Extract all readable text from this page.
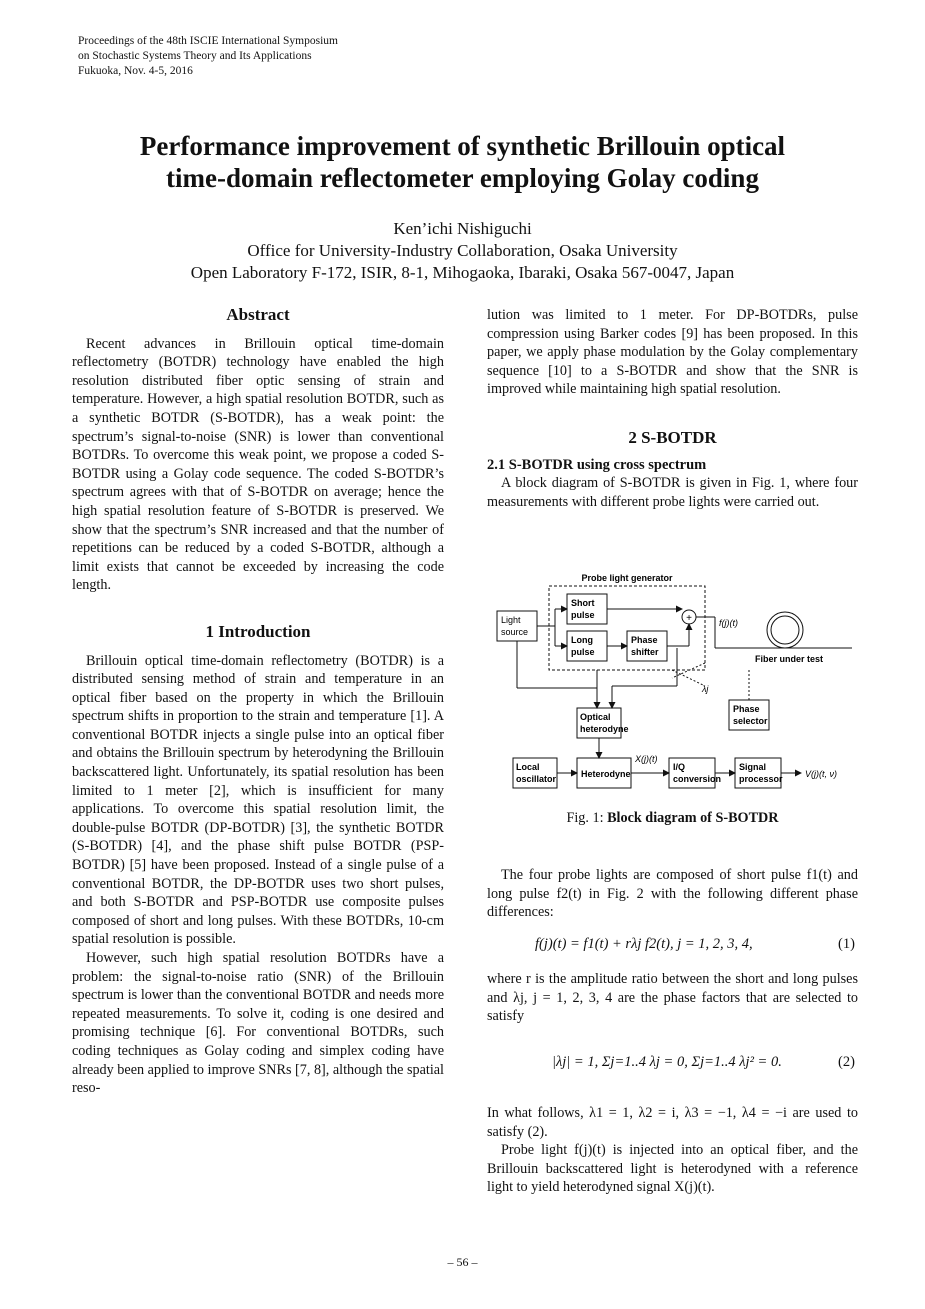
Proceedings of the 48th ISCIE International Symposium
on Stochastic Systems Theory and Its Applications
Fukuoka, Nov. 4-5, 2016
Performance improvement of synthetic Brillouin optical
time-domain reflectometer employing Golay coding
Ken’ichi Nishiguchi
Office for University-Industry Collaboration, Osaka University
Open Laboratory F-172, ISIR, 8-1, Mihogaoka, Ibaraki, Osaka 567-0047, Japan

Abstract

Recent advances in Brillouin optical time-domain reflectometry (BOTDR) technology have enabled the high resolution distributed fiber optic sensing of strain and temperature. However, a high spatial resolution BOTDR, such as a synthetic BOTDR (S-BOTDR), has a weak point: the spectrum’s signal-to-noise (SNR) is lower than conventional BOTDRs. To overcome this weak point, we propose a coded S-BOTDR using a Golay code sequence. The coded S-BOTDR’s spectrum agrees with that of S-BOTDR on average; hence the high spatial resolution feature of S-BOTDR is preserved. We show that the spectrum’s SNR increased and that the number of repetitions can be reduced by a coded S-BOTDR, although a limit exists that cannot be exceeded by increasing the code length.

1 Introduction

Brillouin optical time-domain reflectometry (BOTDR) is a distributed sensing method of strain and temperature in an optical fiber based on the property in which the Brillouin spectrum shifts in proportion to the strain and temperature [1]. A conventional BOTDR injects a single pulse into an optical fiber and obtains the Brillouin spectrum by heterodyning the Brillouin backscattered light. Unfortunately, its spatial resolution has been limited to 1 meter [2], which is insufficient for many applications. To overcome this spatial resolution limit, the double-pulse BOTDR (DP-BOTDR) [3], the synthetic BOTDR (S-BOTDR) [4], and the phase shift pulse BOTDR (PSP-BOTDR) [5] have been proposed. Instead of a single pulse of a conventional BOTDR, the DP-BOTDR uses two short pulses, and both S-BOTDR and PSP-BOTDR use composite pulses composed of short and long pulses. With these BOTDRs, 10-cm spatial resolution is possible.

However, such high spatial resolution BOTDRs have a problem: the signal-to-noise ratio (SNR) of the Brillouin spectrum is lower than the conventional BOTDR and needs more repeated measurements. To solve it, coding is one desired and promising technique [6]. For conventional BOTDRs, such coding techniques as Golay coding and simplex coding have already been applied to improve SNRs [7, 8], although the spatial reso-

lution was limited to 1 meter. For DP-BOTDRs, pulse compression using Barker codes [9] has been proposed. In this paper, we apply phase modulation by the Golay complementary sequence [10] to a S-BOTDR and show that the SNR is improved while maintaining high spatial resolution.

2 S-BOTDR

2.1 S-BOTDR using cross spectrum

A block diagram of S-BOTDR is given in Fig. 1, where four measurements with different probe lights were carried out.

Probe light generator
Light
source
Short
pulse
Long
pulse
Phase
shifter
+	f(j)(t)
Fiber under test
λj
Phase
selector
Optical
heterodyne
Local
oscillator	Heterodyne
X(j)(t)
I/Q
conversion
Signal
processor V(j)(t, ν)
Fig. 1: Block diagram of S-BOTDR

The four probe lights are composed of short pulse f1(t) and long pulse f2(t) in Fig. 2 with the following different phase differences:

f(j)(t) = f1(t) + rλj f2(t), j = 1, 2, 3, 4,	(1)

where r is the amplitude ratio between the short and long pulses and λj, j = 1, 2, 3, 4 are the phase factors that are selected to satisfy

|λj| = 1, Σj=1..4 λj = 0, Σj=1..4 λj² = 0.	(2)

In what follows, λ1 = 1, λ2 = i, λ3 = −1, λ4 = −i are used to satisfy (2).

Probe light f(j)(t) is injected into an optical fiber, and the Brillouin backscattered light is heterodyned with a reference light to yield heterodyned signal X(j)(t).

– 56 –
